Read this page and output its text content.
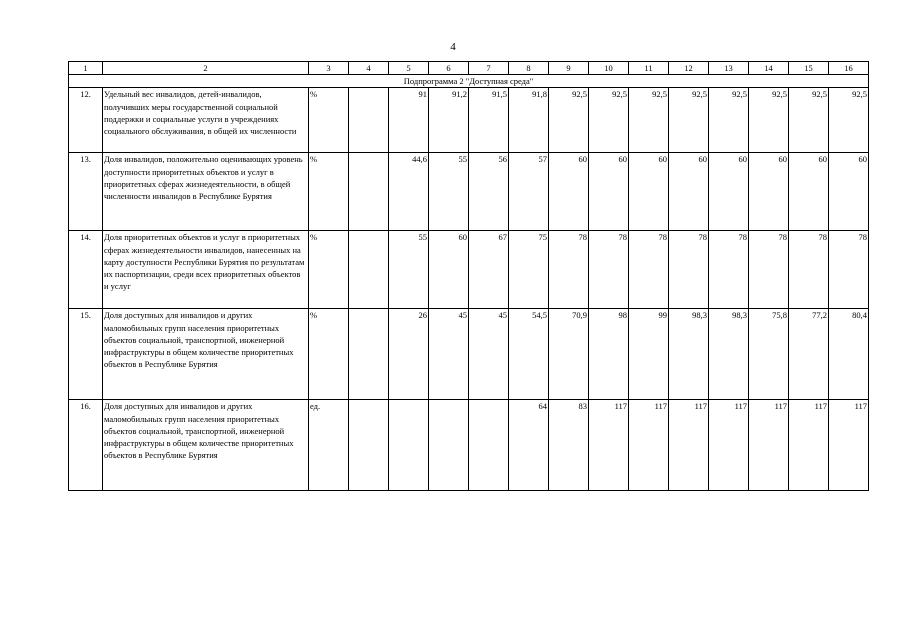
4
1	2	3	4	5	6	7	8	9	10	11	12	13	14	15	16
Подпрограмма 2 "Доступная среда"															
12.	Удельный вес инвалидов, детей-инвалидов, получивших меры государственной социальной поддержки и социальные услуги в учреждениях социального обслуживания, в общей их численности	%		91	91,2	91,5	91,8	92,5	92,5	92,5	92,5	92,5	92,5	92,5	92,5
13.	Доля инвалидов, положительно оценивающих уровень доступности приоритетных объектов и услуг в приоритетных сферах жизнедеятельности, в общей численности инвалидов в Республике Бурятия	%		44,6	55	56	57	60	60	60	60	60	60	60	60
14.	Доля приоритетных объектов и услуг в приоритетных сферах жизнедеятельности инвалидов, нанесенных на карту доступности Республики Бурятия по результатам их паспортизации, среди всех приоритетных объектов и услуг	%		55	60	67	75	78	78	78	78	78	78	78	78
15.	Доля доступных для инвалидов и других маломобильных групп населения приоритетных объектов социальной, транспортной, инженерной инфраструктуры в общем количестве приоритетных объектов в Республике Бурятия	%		26	45	45	54,5	70,9	98	99	98,3	98,3	75,8	77,2	80,4
16.	Доля доступных для инвалидов и других маломобильных групп населения приоритетных объектов социальной, транспортной, инженерной инфраструктуры в общем количестве приоритетных объектов в Республике Бурятия	ед.					64	83	117	117	117	117	117	117	117
